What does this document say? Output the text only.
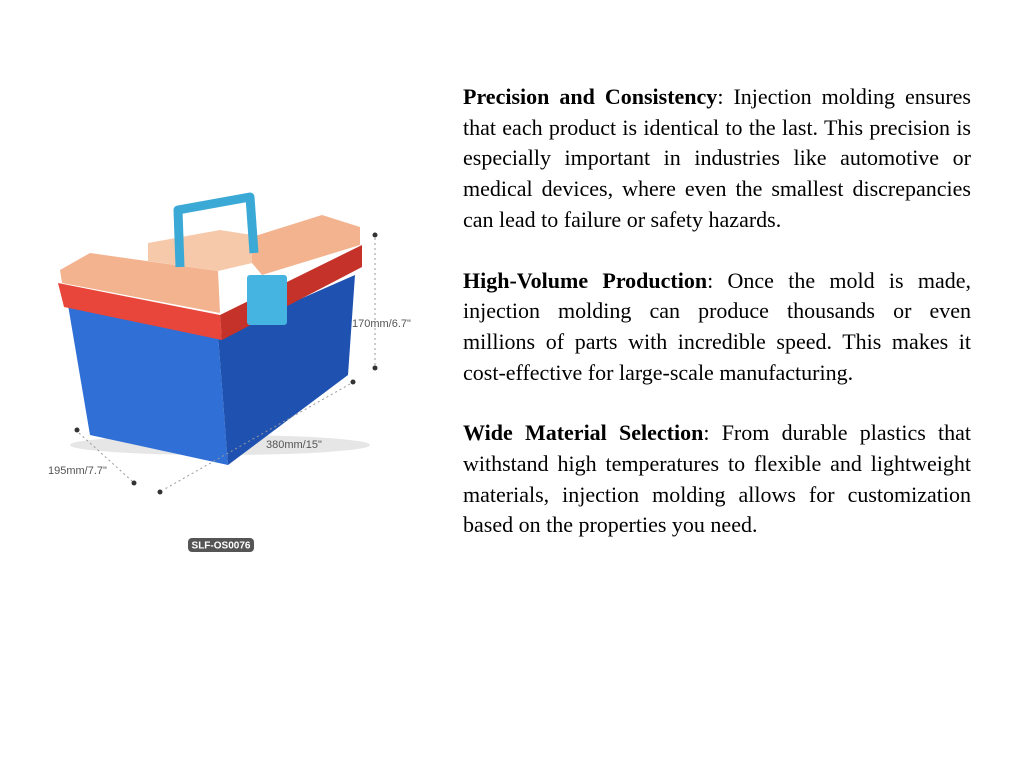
170mm/6.7"
380mm/15"
195mm/7.7"
SLF-OS0076

Precision and Consistency: Injection molding ensures that each product is identical to the last. This precision is especially important in industries like automotive or medical devices, where even the smallest discrepancies can lead to failure or safety hazards.

High-Volume Production: Once the mold is made, injection molding can produce thousands or even millions of parts with incredible speed. This makes it cost-effective for large-scale manufacturing.

Wide Material Selection: From durable plastics that withstand high temperatures to flexible and lightweight materials, injection molding allows for customization based on the properties you need.
